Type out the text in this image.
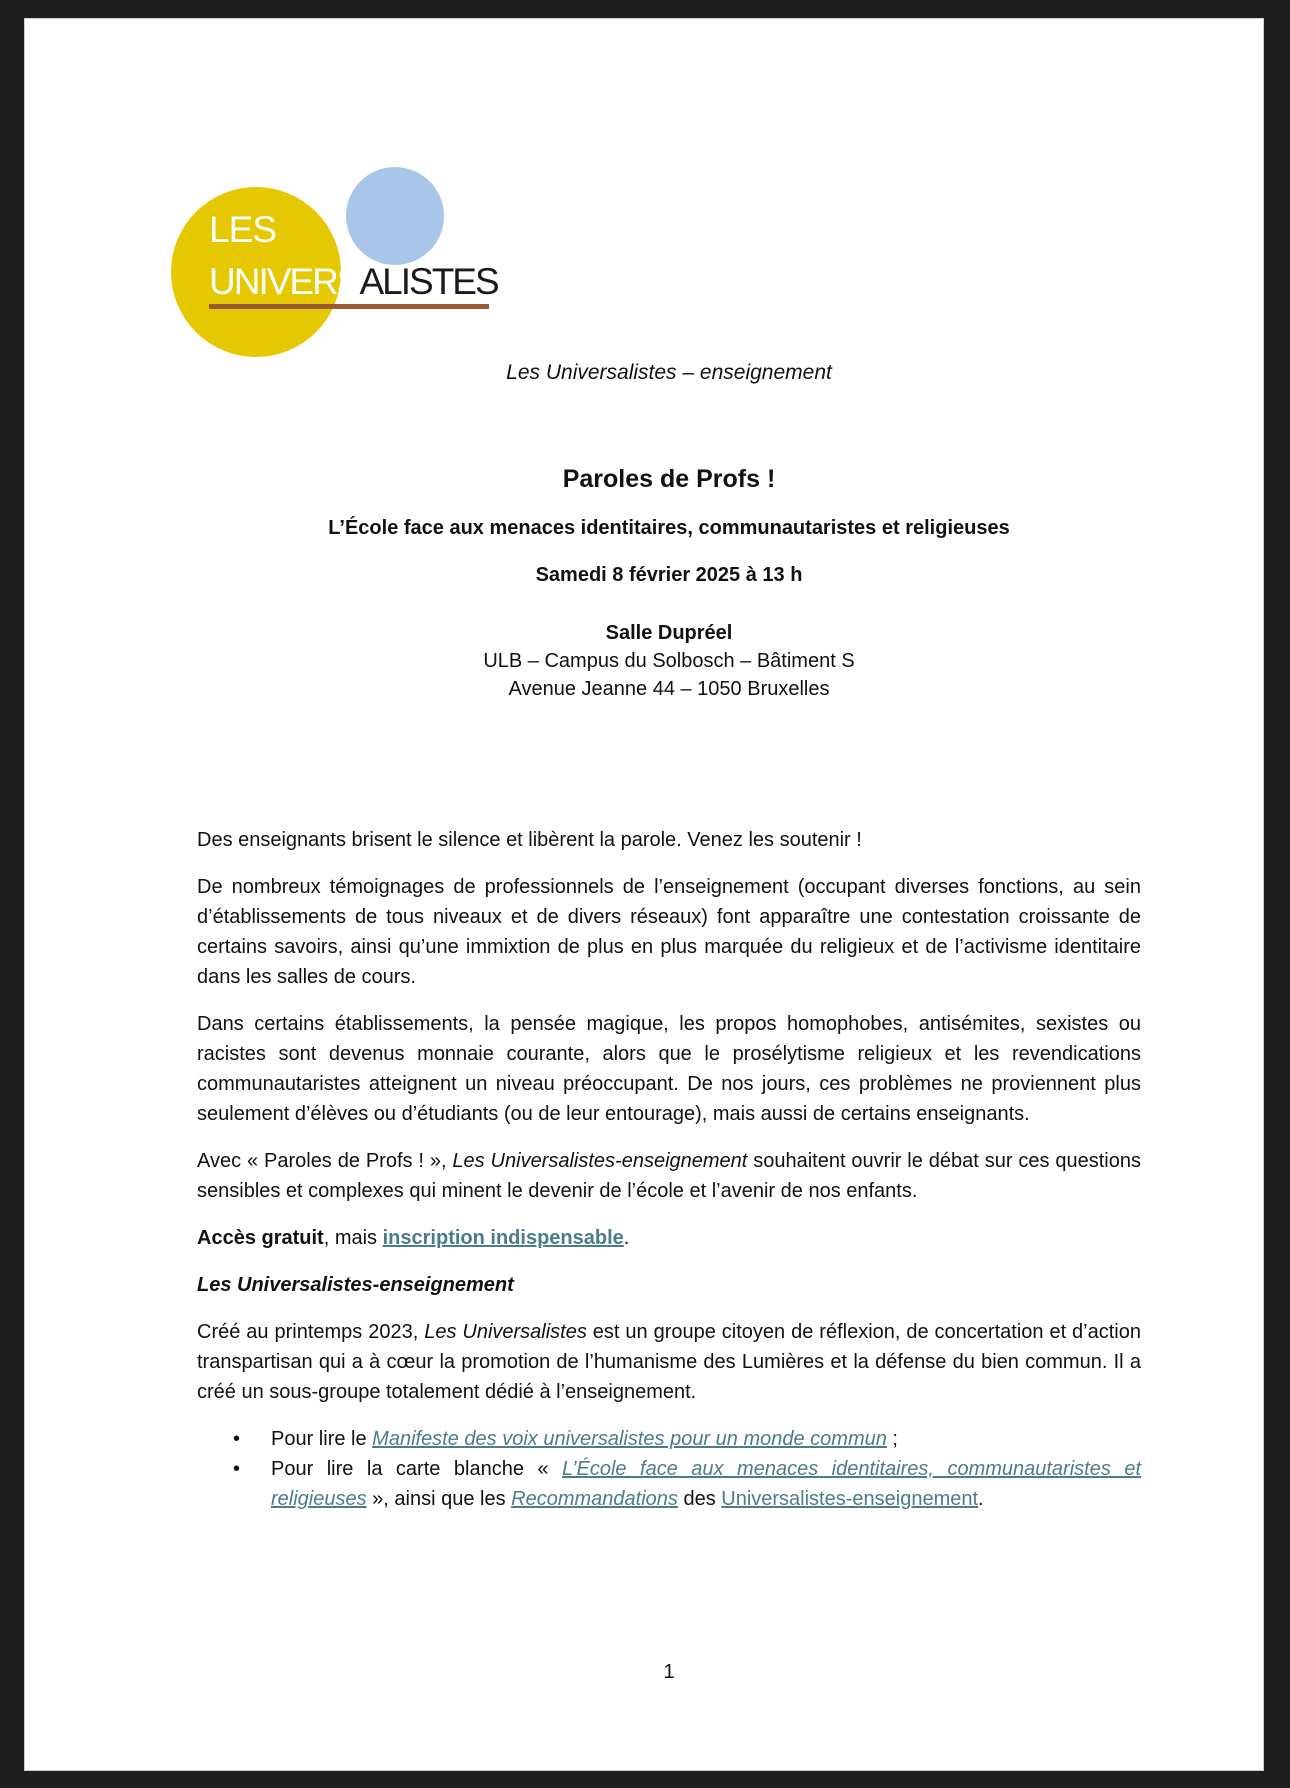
LES
UNIVERSALISTES
Les Universalistes – enseignement
Paroles de Profs !
L’École face aux menaces identitaires, communautaristes et religieuses
Samedi 8 février 2025 à 13 h
Salle Dupréel
ULB – Campus du Solbosch – Bâtiment S
Avenue Jeanne 44 – 1050 Bruxelles

Des enseignants brisent le silence et libèrent la parole. Venez les soutenir !

De nombreux témoignages de professionnels de l’enseignement (occupant diverses fonctions, au sein d’établissements de tous niveaux et de divers réseaux) font apparaître une contestation croissante de certains savoirs, ainsi qu’une immixtion de plus en plus marquée du religieux et de l’activisme identitaire dans les salles de cours.

Dans certains établissements, la pensée magique, les propos homophobes, antisémites, sexistes ou racistes sont devenus monnaie courante, alors que le prosélytisme religieux et les revendications communautaristes atteignent un niveau préoccupant. De nos jours, ces problèmes ne proviennent plus seulement d’élèves ou d’étudiants (ou de leur entourage), mais aussi de certains enseignants.

Avec « Paroles de Profs ! », Les Universalistes-enseignement souhaitent ouvrir le débat sur ces questions sensibles et complexes qui minent le devenir de l’école et l’avenir de nos enfants.

Accès gratuit, mais inscription indispensable.

Les Universalistes-enseignement

Créé au printemps 2023, Les Universalistes est un groupe citoyen de réflexion, de concertation et d’action transpartisan qui a à cœur la promotion de l’humanisme des Lumières et la défense du bien commun. Il a créé un sous-groupe totalement dédié à l’enseignement.

• Pour lire le Manifeste des voix universalistes pour un monde commun ;
• Pour lire la carte blanche « L’École face aux menaces identitaires, communautaristes et religieuses », ainsi que les Recommandations des Universalistes-enseignement.
1
